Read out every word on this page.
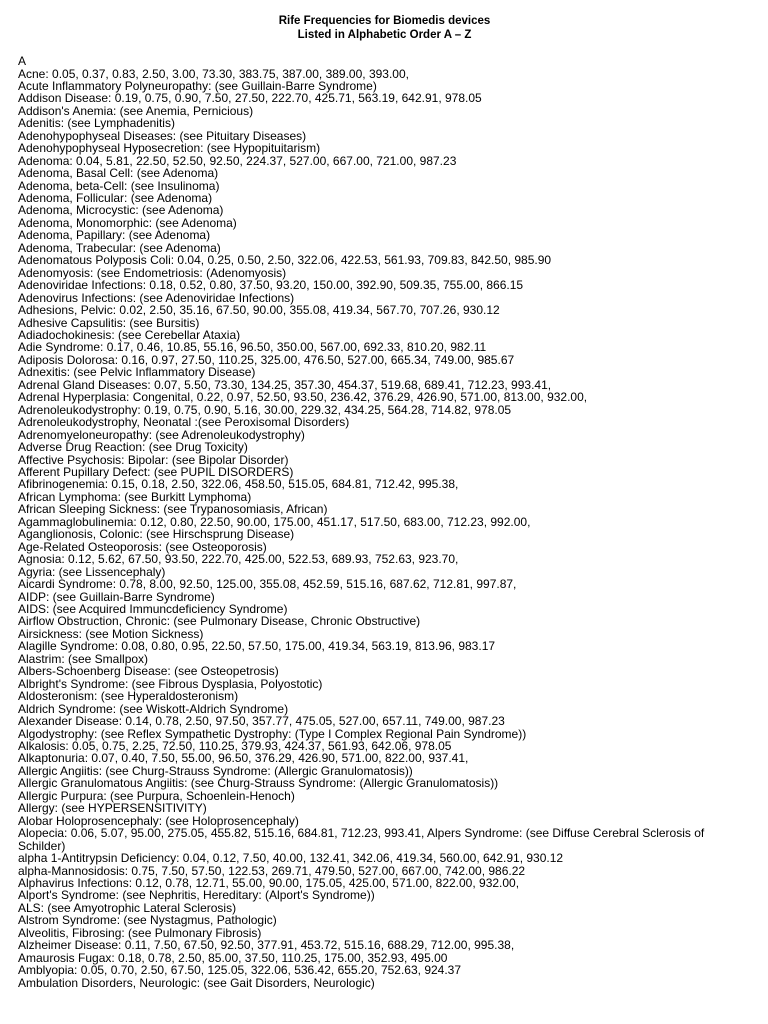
Rife Frequencies for Biomedis devices
Listed in Alphabetic Order A – Z
A
Acne: 0.05, 0.37, 0.83, 2.50, 3.00, 73.30, 383.75, 387.00, 389.00, 393.00,
Acute Inflammatory Polyneuropathy: (see Guillain-Barre Syndrome)
Addison Disease: 0.19, 0.75, 0.90, 7.50, 27.50, 222.70, 425.71, 563.19, 642.91, 978.05
Addison's Anemia: (see Anemia, Pernicious)
Adenitis: (see Lymphadenitis)
Adenohypophyseal Diseases: (see Pituitary Diseases)
Adenohypophyseal Hyposecretion: (see Hypopituitarism)
Adenoma: 0.04, 5.81, 22.50, 52.50, 92.50, 224.37, 527.00, 667.00, 721.00, 987.23
Adenoma, Basal Cell: (see Adenoma)
Adenoma, beta-Cell: (see Insulinoma)
Adenoma, Follicular: (see Adenoma)
Adenoma, Microcystic: (see Adenoma)
Adenoma, Monomorphic: (see Adenoma)
Adenoma, Papillary: (see Adenoma)
Adenoma, Trabecular: (see Adenoma)
Adenomatous Polyposis Coli: 0.04, 0.25, 0.50, 2.50, 322.06, 422.53, 561.93, 709.83, 842.50, 985.90
Adenomyosis: (see Endometriosis: (Adenomyosis)
Adenoviridae Infections: 0.18, 0.52, 0.80, 37.50, 93.20, 150.00, 392.90, 509.35, 755.00, 866.15
Adenovirus Infections: (see Adenoviridae Infections)
Adhesions, Pelvic: 0.02, 2.50, 35.16, 67.50, 90.00, 355.08, 419.34, 567.70, 707.26, 930.12
Adhesive Capsulitis: (see Bursitis)
Adiadochokinesis: (see Cerebellar Ataxia)
Adie Syndrome: 0.17, 0.46, 10.85, 55.16, 96.50, 350.00, 567.00, 692.33, 810.20, 982.11
Adiposis Dolorosa: 0.16, 0.97, 27.50, 110.25, 325.00, 476.50, 527.00, 665.34, 749.00, 985.67
Adnexitis: (see Pelvic Inflammatory Disease)
Adrenal Gland Diseases: 0.07, 5.50, 73.30, 134.25, 357.30, 454.37, 519.68, 689.41, 712.23, 993.41,
Adrenal Hyperplasia: Congenital, 0.22, 0.97, 52.50, 93.50, 236.42, 376.29, 426.90, 571.00, 813.00, 932.00,
Adrenoleukodystrophy: 0.19, 0.75, 0.90, 5.16, 30.00, 229.32, 434.25, 564.28, 714.82, 978.05
Adrenoleukodystrophy, Neonatal :(see Peroxisomal Disorders)
Adrenomyeloneuropathy: (see Adrenoleukodystrophy)
Adverse Drug Reaction: (see Drug Toxicity)
Affective Psychosis: Bipolar: (see Bipolar Disorder)
Afferent Pupillary Defect: (see PUPIL DISORDERS)
Afibrinogenemia: 0.15, 0.18, 2.50, 322.06, 458.50, 515.05, 684.81, 712.42, 995.38,
African Lymphoma: (see Burkitt Lymphoma)
African Sleeping Sickness: (see Trypanosomiasis, African)
Agammaglobulinemia: 0.12, 0.80, 22.50, 90.00, 175.00, 451.17, 517.50, 683.00, 712.23, 992.00,
Aganglionosis, Colonic: (see Hirschsprung Disease)
Age-Related Osteoporosis: (see Osteoporosis)
Agnosia: 0.12, 5.62, 67.50, 93.50, 222.70, 425.00, 522.53, 689.93, 752.63, 923.70,
Agyria: (see Lissencephaly)
Aicardi Syndrome: 0.78, 8.00, 92.50, 125.00, 355.08, 452.59, 515.16, 687.62, 712.81, 997.87,
AIDP: (see Guillain-Barre Syndrome)
AIDS: (see Acquired Immuncdeficiency Syndrome)
Airflow Obstruction, Chronic: (see Pulmonary Disease, Chronic Obstructive)
Airsickness: (see Motion Sickness)
Alagille Syndrome: 0.08, 0.80, 0.95, 22.50, 57.50, 175.00, 419.34, 563.19, 813.96, 983.17
Alastrim: (see Smallpox)
Albers-Schoenberg Disease: (see Osteopetrosis)
Albright's Syndrome: (see Fibrous Dysplasia, Polyostotic)
Aldosteronism: (see Hyperaldosteronism)
Aldrich Syndrome: (see Wiskott-Aldrich Syndrome)
Alexander Disease: 0.14, 0.78, 2.50, 97.50, 357.77, 475.05, 527.00, 657.11, 749.00, 987.23
Algodystrophy: (see Reflex Sympathetic Dystrophy: (Type I Complex Regional Pain Syndrome))
Alkalosis: 0.05, 0.75, 2.25, 72.50, 110.25, 379.93, 424.37, 561.93, 642.06, 978.05
Alkaptonuria: 0.07, 0.40, 7.50, 55.00, 96.50, 376.29, 426.90, 571.00, 822.00, 937.41,
Allergic Angiitis: (see Churg-Strauss Syndrome: (Allergic Granulomatosis))
Allergic Granulomatous Angiitis: (see Churg-Strauss Syndrome: (Allergic Granulomatosis))
Allergic Purpura: (see Purpura, Schoenlein-Henoch)
Allergy: (see HYPERSENSITIVITY)
Alobar Holoprosencephaly: (see Holoprosencephaly)
Alopecia: 0.06, 5.07, 95.00, 275.05, 455.82, 515.16, 684.81, 712.23, 993.41, Alpers Syndrome: (see Diffuse Cerebral Sclerosis of Schilder)
alpha 1-Antitrypsin Deficiency: 0.04, 0.12, 7.50, 40.00, 132.41, 342.06, 419.34, 560.00, 642.91, 930.12
alpha-Mannosidosis: 0.75, 7.50, 57.50, 122.53, 269.71, 479.50, 527.00, 667.00, 742.00, 986.22
Alphavirus Infections: 0.12, 0.78, 12.71, 55.00, 90.00, 175.05, 425.00, 571.00, 822.00, 932.00,
Alport's Syndrome: (see Nephritis, Hereditary: (Alport's Syndrome))
ALS: (see Amyotrophic Lateral Sclerosis)
Alstrom Syndrome: (see Nystagmus, Pathologic)
Alveolitis, Fibrosing: (see Pulmonary Fibrosis)
Alzheimer Disease: 0.11, 7.50, 67.50, 92.50, 377.91, 453.72, 515.16, 688.29, 712.00, 995.38,
Amaurosis Fugax: 0.18, 0.78, 2.50, 85.00, 37.50, 110.25, 175.00, 352.93, 495.00
Amblyopia: 0.05, 0.70, 2.50, 67.50, 125.05, 322.06, 536.42, 655.20, 752.63, 924.37
Ambulation Disorders, Neurologic: (see Gait Disorders, Neurologic)
